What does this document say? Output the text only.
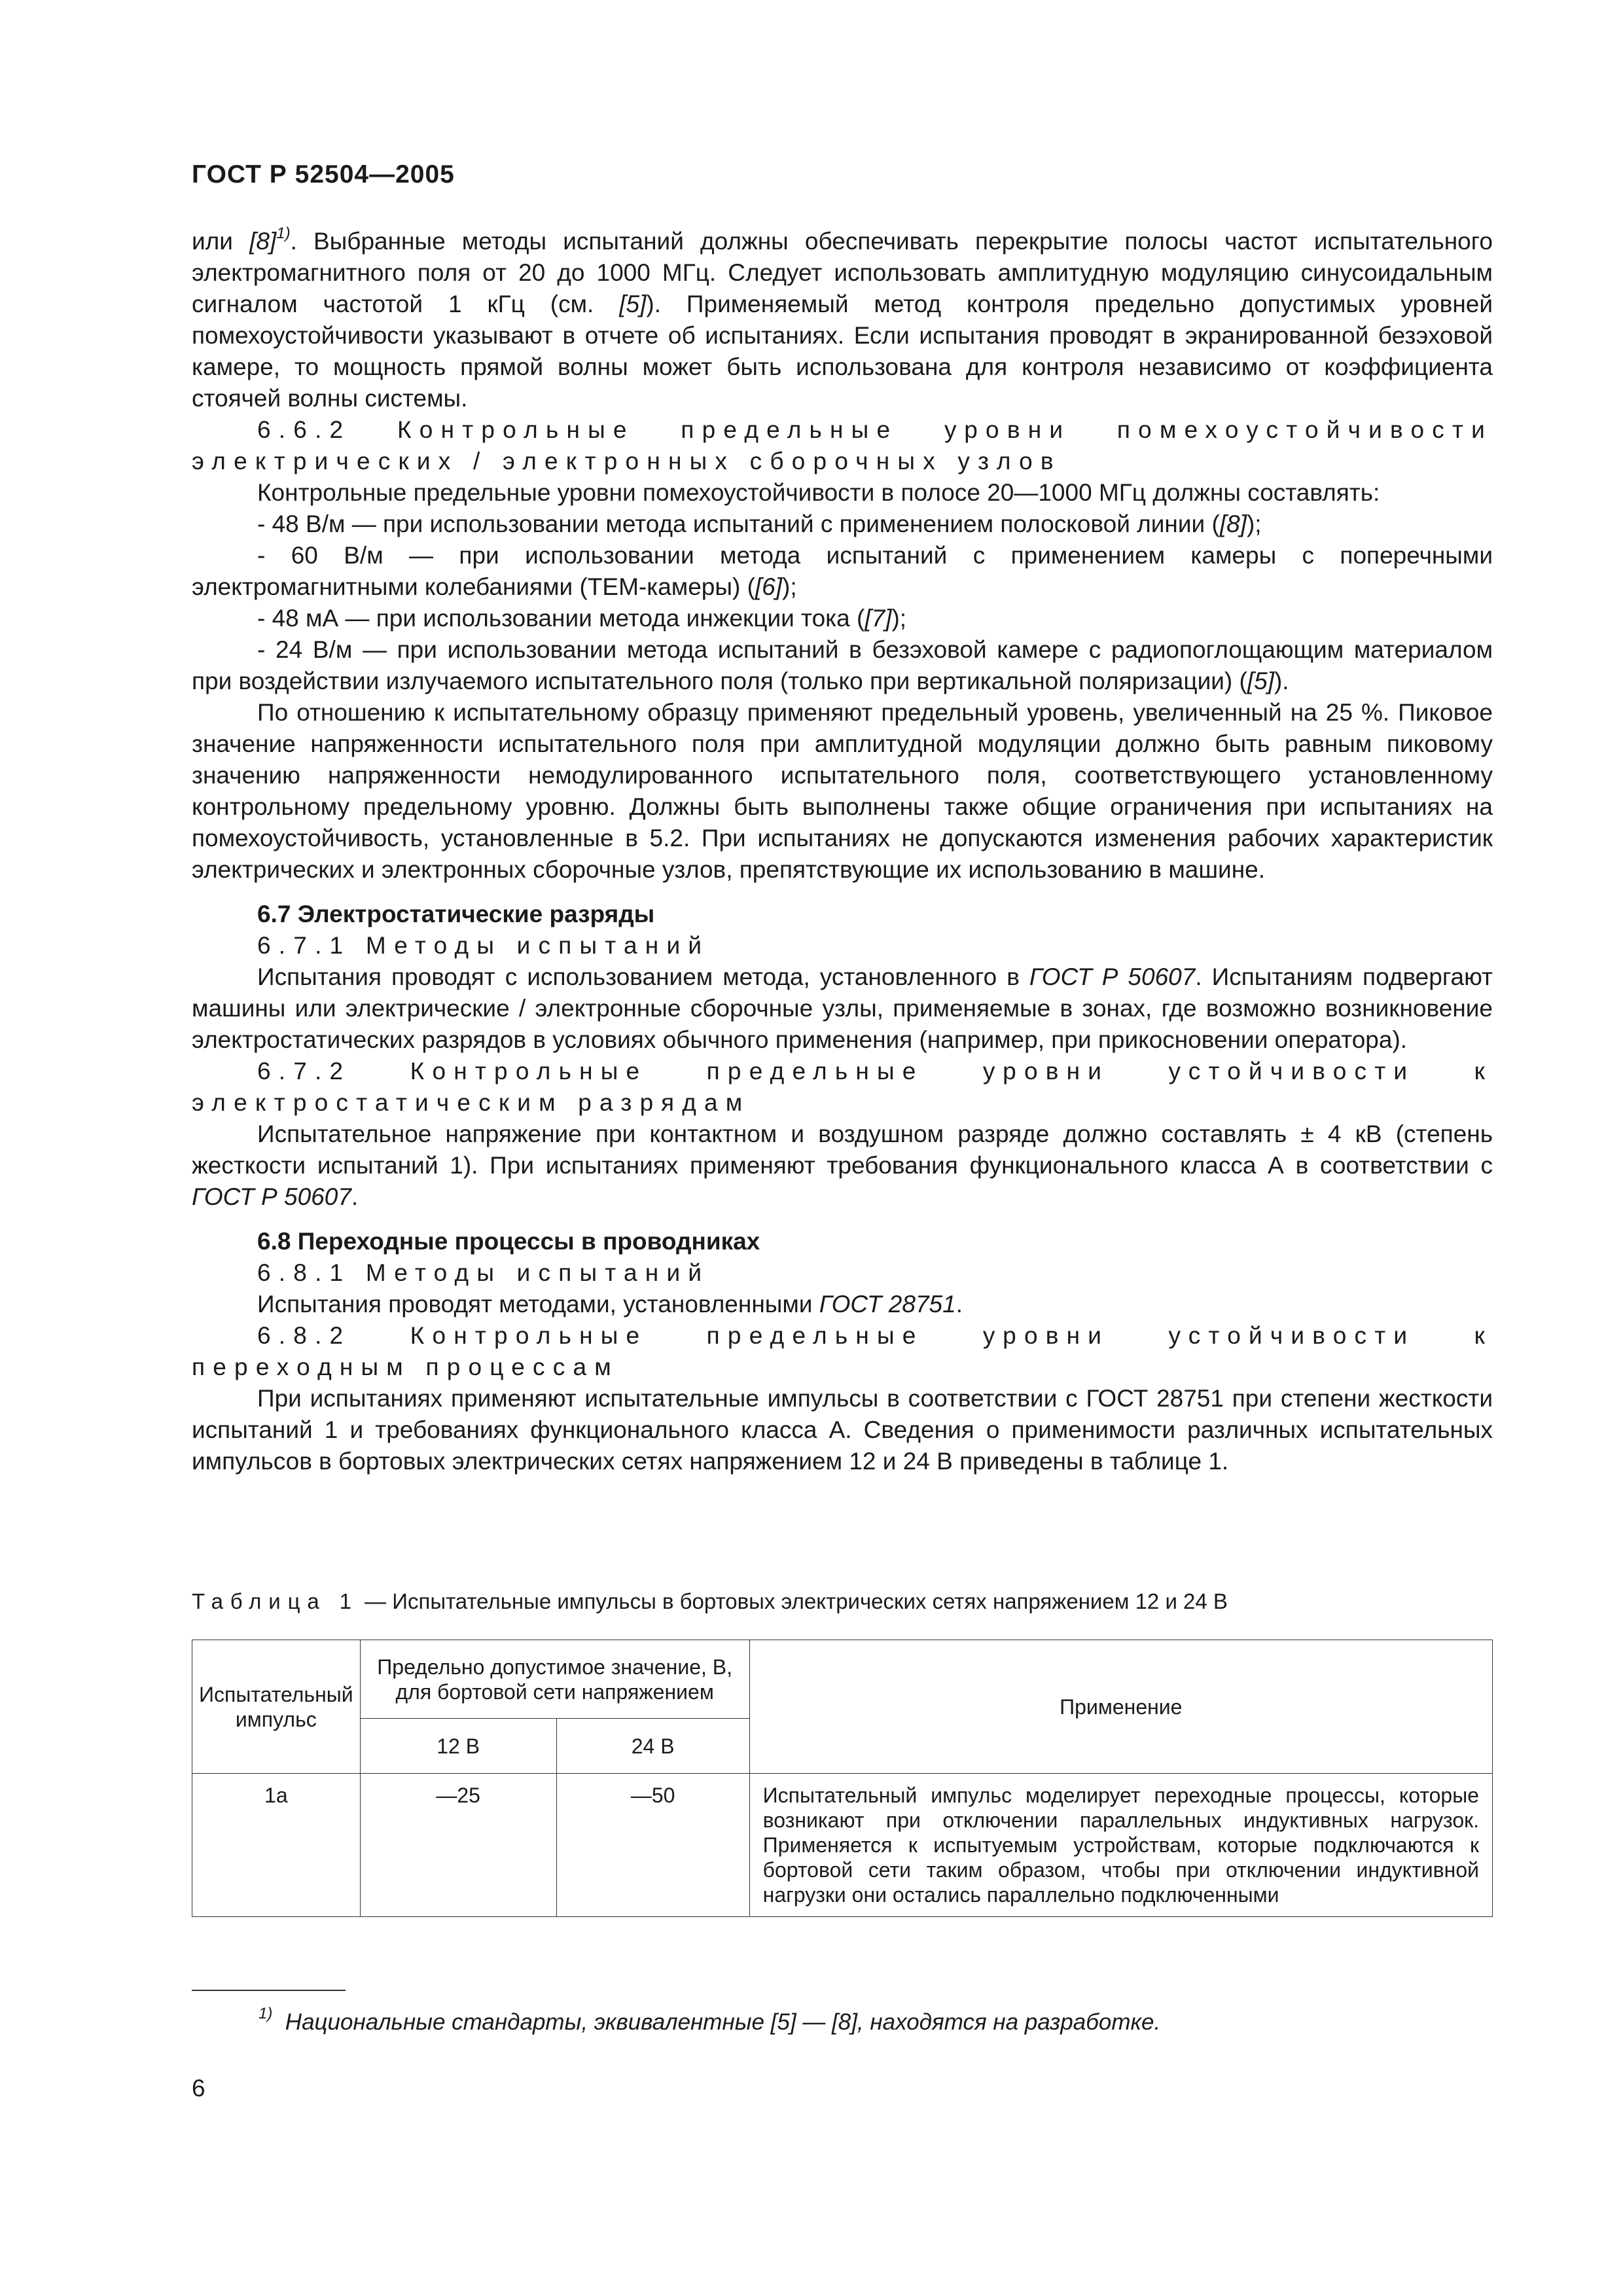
ГОСТ Р 52504—2005

или $[8]^{1)}$. Выбранные методы испытаний должны обеспечивать перекрытие полосы частот испытательного электромагнитного поля от 20 до 1000 МГц. Следует использовать амплитудную модуляцию синусоидальным сигналом частотой 1 кГц (см. [5]). Применяемый метод контроля предельно допустимых уровней помехоустойчивости указывают в отчете об испытаниях. Если испытания проводят в экранированной безэховой камере, то мощность прямой волны может быть использована для контроля независимо от коэффициента стоячей волны системы.

6.6.2 Контрольные предельные уровни помехоустойчивости электрических / электронных сборочных узлов

Контрольные предельные уровни помехоустойчивости в полосе 20—1000 МГц должны составлять:

- 48 В/м — при использовании метода испытаний с применением полосковой линии ([8]);

- 60 В/м — при использовании метода испытаний с применением камеры с поперечными электромагнитными колебаниями (ТЕМ-камеры) ([6]);

- 48 мА — при использовании метода инжекции тока ([7]);

- 24 В/м — при использовании метода испытаний в безэховой камере с радиопоглощающим материалом при воздействии излучаемого испытательного поля (только при вертикальной поляризации) ([5]).

По отношению к испытательному образцу применяют предельный уровень, увеличенный на 25 %. Пиковое значение напряженности испытательного поля при амплитудной модуляции должно быть равным пиковому значению напряженности немодулированного испытательного поля, соответствующего установленному контрольному предельному уровню. Должны быть выполнены также общие ограничения при испытаниях на помехоустойчивость, установленные в 5.2. При испытаниях не допускаются изменения рабочих характеристик электрических и электронных сборочные узлов, препятствующие их использованию в машине.

6.7 Электростатические разряды

6.7.1 Методы испытаний

Испытания проводят с использованием метода, установленного в ГОСТ Р 50607. Испытаниям подвергают машины или электрические / электронные сборочные узлы, применяемые в зонах, где возможно возникновение электростатических разрядов в условиях обычного применения (например, при прикосновении оператора).

6.7.2 Контрольные предельные уровни устойчивости к электростатическим разрядам

Испытательное напряжение при контактном и воздушном разряде должно составлять ± 4 кВ (степень жесткости испытаний 1). При испытаниях применяют требования функционального класса А в соответствии с ГОСТ Р 50607.

6.8 Переходные процессы в проводниках

6.8.1 Методы испытаний

Испытания проводят методами, установленными ГОСТ 28751.

6.8.2 Контрольные предельные уровни устойчивости к переходным процессам

При испытаниях применяют испытательные импульсы в соответствии с ГОСТ 28751 при степени жесткости испытаний 1 и требованиях функционального класса А. Сведения о применимости различных испытательных импульсов в бортовых электрических сетях напряжением 12 и 24 В приведены в таблице 1.

Таблица 1 — Испытательные импульсы в бортовых электрических сетях напряжением 12 и 24 В
Испытательный импульс	Предельно допустимое значение, В, для бортовой сети напряжением		Применение
	12 В	24 В	
1a	—25	—50	Испытательный импульс моделирует переходные процессы, которые возникают при отключении параллельных индуктивных нагрузок. Применяется к испытуемым устройствам, которые подключаются к бортовой сети таким образом, чтобы при отключении индуктивной нагрузки они остались параллельно подключенными
$^{1)}$ Национальные стандарты, эквивалентные [5] — [8], находятся на разработке.
6
